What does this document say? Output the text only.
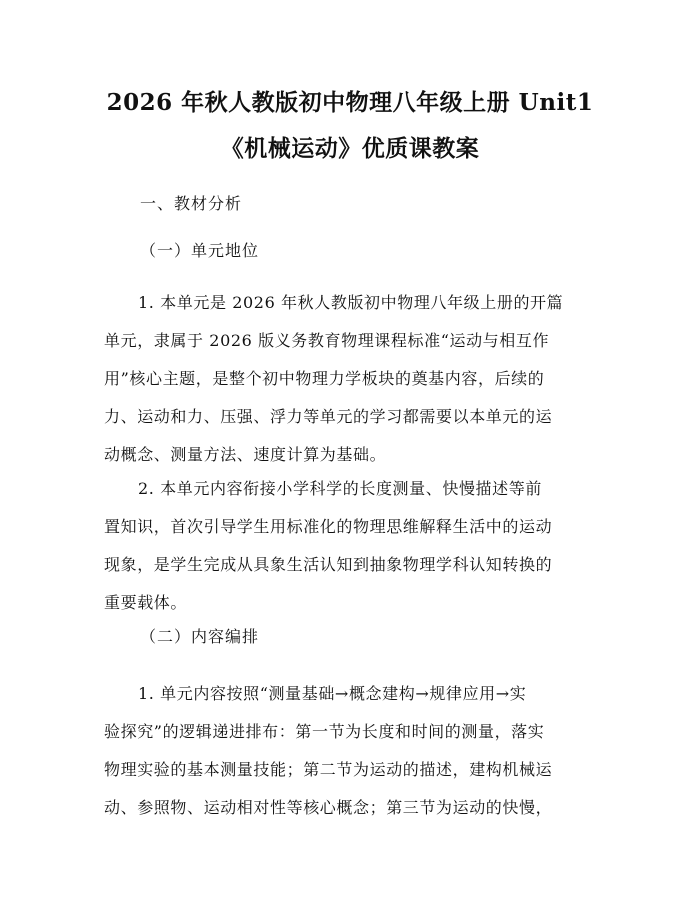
2026 年秋人教版初中物理八年级上册 Unit1
《机械运动》优质课教案
一、教材分析
（一）单元地位
1. 本单元是 2026 年秋人教版初中物理八年级上册的开篇
单元，隶属于 2026 版义务教育物理课程标准“运动与相互作
用”核心主题，是整个初中物理力学板块的奠基内容，后续的
力、运动和力、压强、浮力等单元的学习都需要以本单元的运
动概念、测量方法、速度计算为基础。
2. 本单元内容衔接小学科学的长度测量、快慢描述等前
置知识，首次引导学生用标准化的物理思维解释生活中的运动
现象，是学生完成从具象生活认知到抽象物理学科认知转换的
重要载体。
（二）内容编排
1. 单元内容按照“测量基础→概念建构→规律应用→实
验探究”的逻辑递进排布：第一节为长度和时间的测量，落实
物理实验的基本测量技能；第二节为运动的描述，建构机械运
动、参照物、运动相对性等核心概念；第三节为运动的快慢，
